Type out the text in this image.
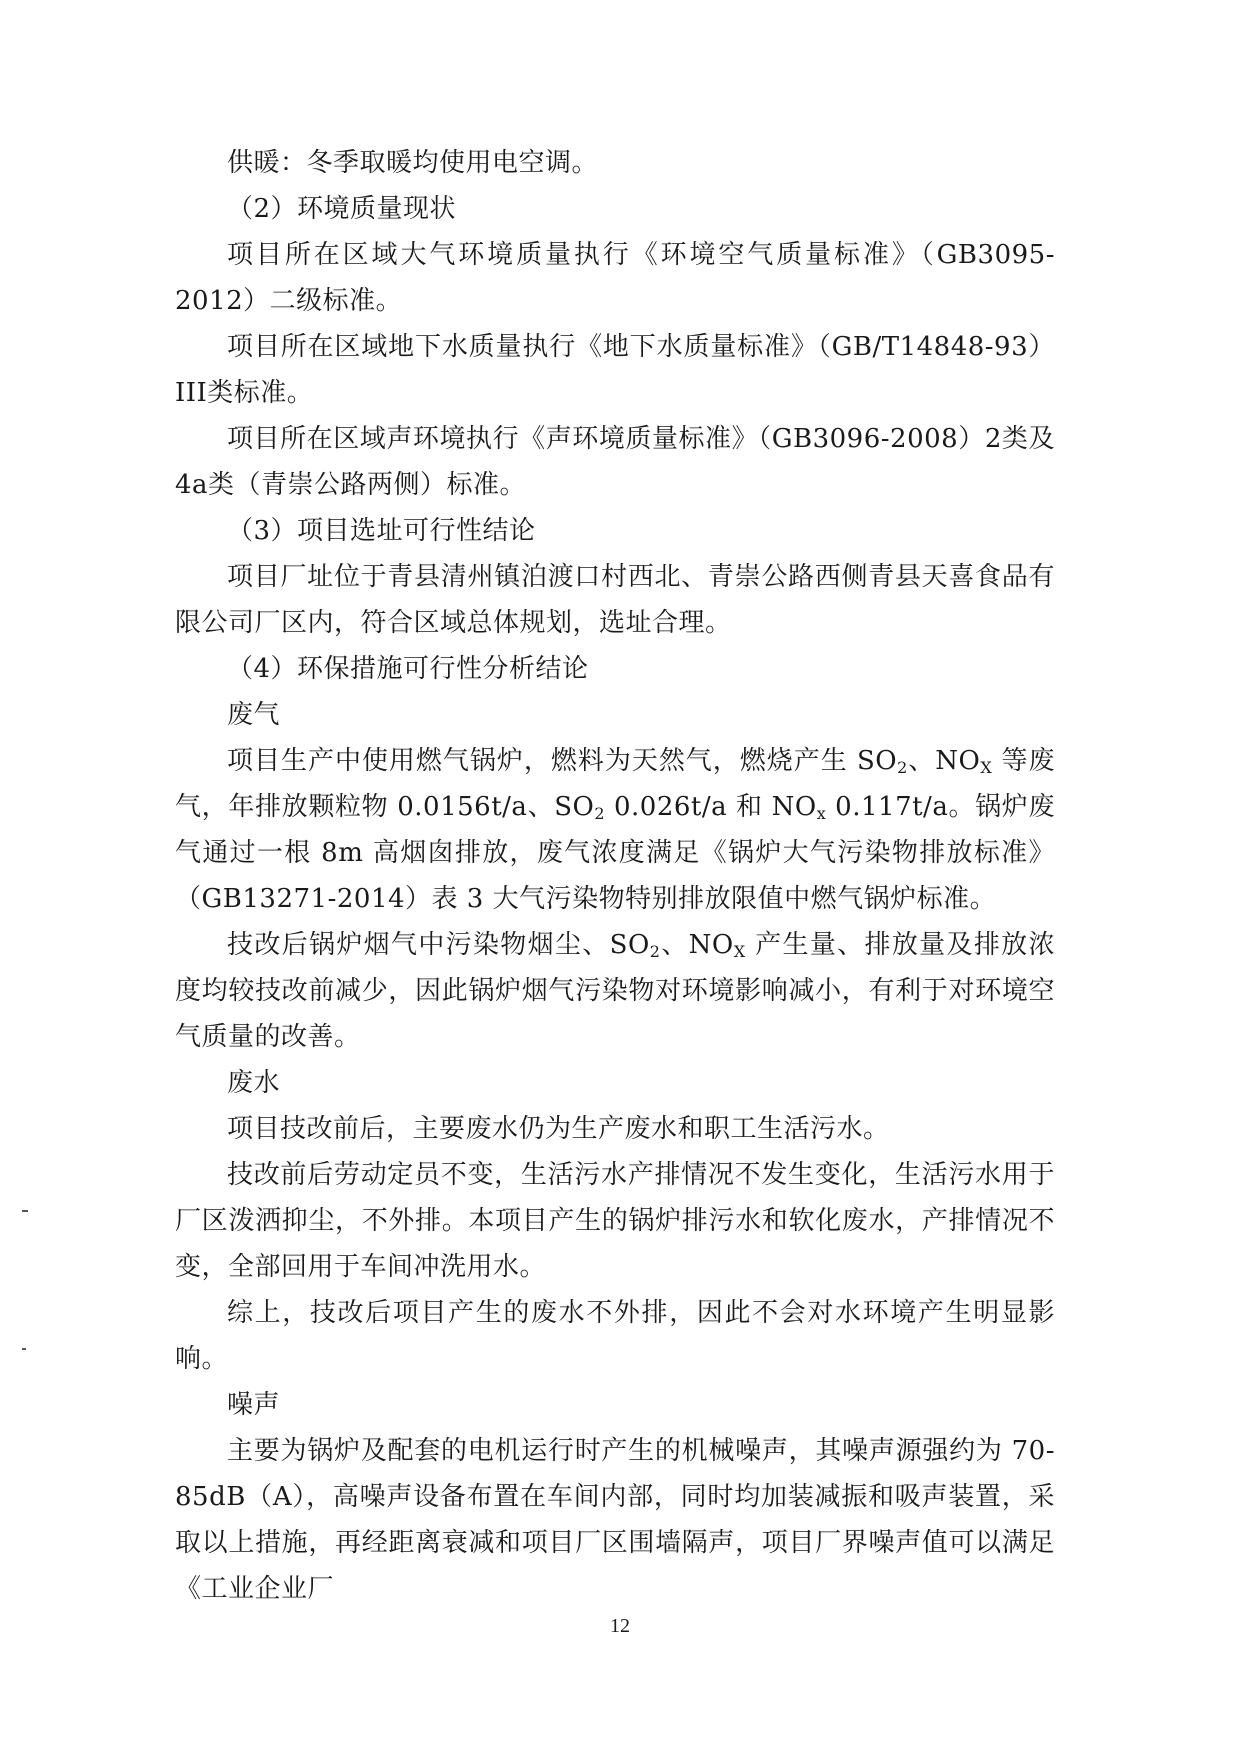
供暖：冬季取暖均使用电空调。

（2）环境质量现状

项目所在区域大气环境质量执行《环境空气质量标准》（GB3095-2012）二级标准。

项目所在区域地下水质量执行《地下水质量标准》（GB/T14848-93）III类标准。

项目所在区域声环境执行《声环境质量标准》（GB3096-2008）2类及4a类（青崇公路两侧）标准。

（3）项目选址可行性结论

项目厂址位于青县清州镇泊渡口村西北、青崇公路西侧青县天喜食品有限公司厂区内，符合区域总体规划，选址合理。

（4）环保措施可行性分析结论

废气

项目生产中使用燃气锅炉，燃料为天然气，燃烧产生 $SO_2$、$NO_X$ 等废气，年排放颗粒物 0.0156t/a、$SO_2$ 0.026t/a 和 $NO_x$ 0.117t/a。锅炉废气通过一根 8m 高烟囱排放，废气浓度满足《锅炉大气污染物排放标准》（GB13271-2014）表 3 大气污染物特别排放限值中燃气锅炉标准。

技改后锅炉烟气中污染物烟尘、$SO_2$、$NO_X$ 产生量、排放量及排放浓度均较技改前减少，因此锅炉烟气污染物对环境影响减小，有利于对环境空气质量的改善。

废水

项目技改前后，主要废水仍为生产废水和职工生活污水。

技改前后劳动定员不变，生活污水产排情况不发生变化，生活污水用于厂区泼洒抑尘，不外排。本项目产生的锅炉排污水和软化废水，产排情况不变，全部回用于车间冲洗用水。

综上，技改后项目产生的废水不外排，因此不会对水环境产生明显影响。

噪声

主要为锅炉及配套的电机运行时产生的机械噪声，其噪声源强约为 70-85dB（A），高噪声设备布置在车间内部，同时均加装减振和吸声装置，采取以上措施，再经距离衰减和项目厂区围墙隔声，项目厂界噪声值可以满足《工业企业厂

12
